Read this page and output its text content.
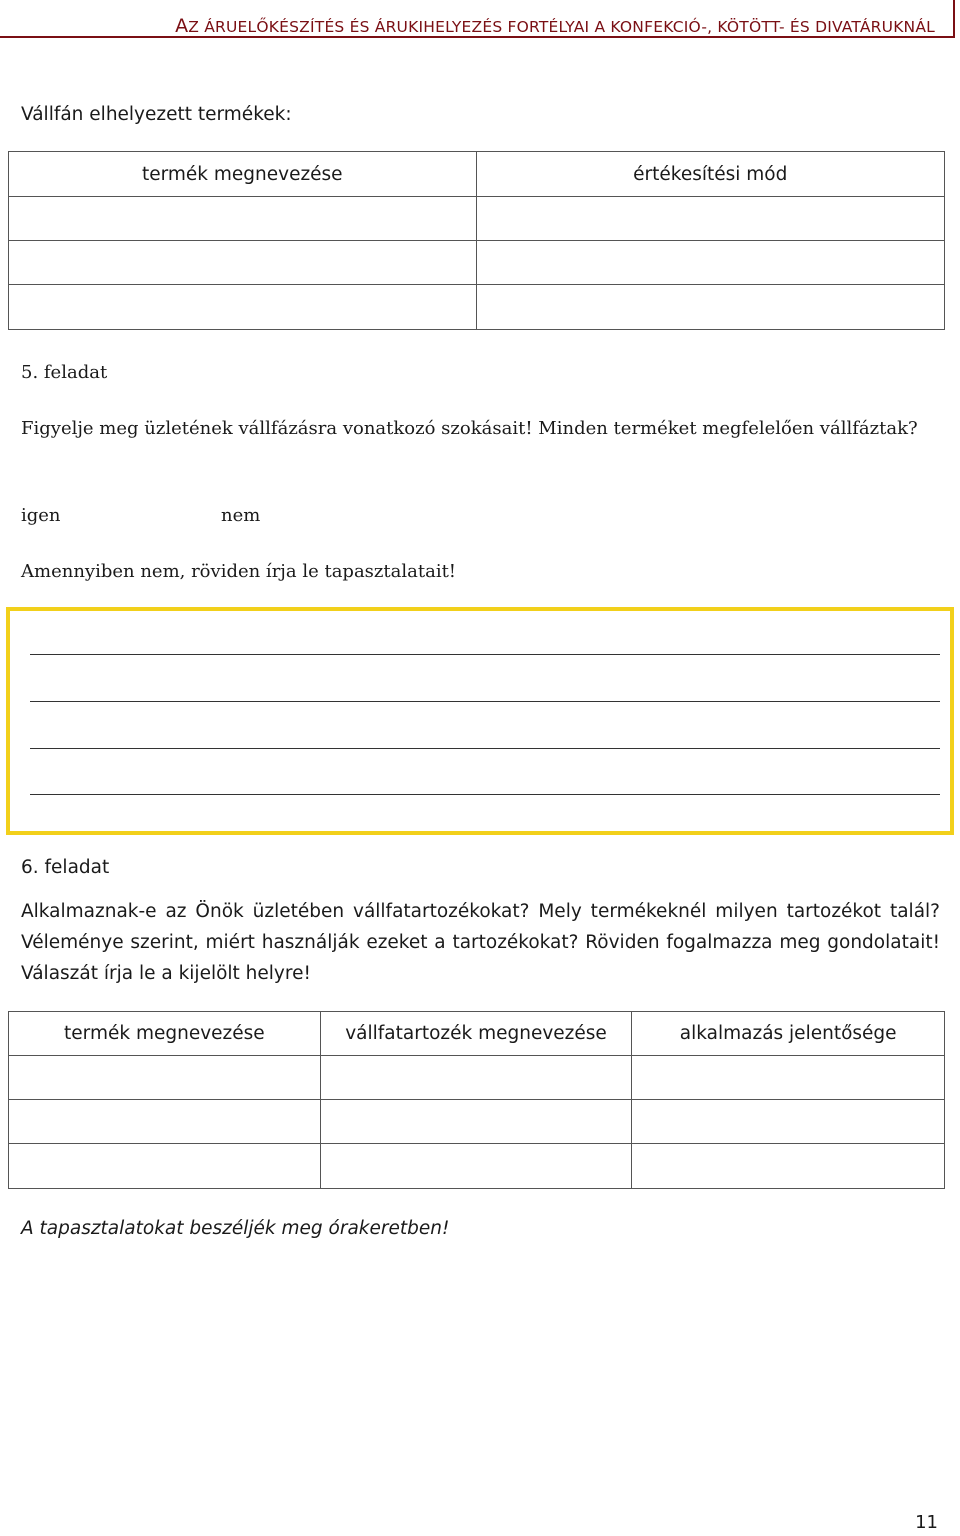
AZ ÁRUELŐKÉSZÍTÉS ÉS ÁRUKIHELYEZÉS FORTÉLYAI A KONFEKCIÓ-, KÖTÖTT- ÉS DIVATÁRUKNÁL
Vállfán elhelyezett termékek:
termék megnevezése	értékesítési mód

5. feladat
Figyelje meg üzletének vállfázásra vonatkozó szokásait! Minden terméket megfelelően vállfáztak?
igen	nem
Amennyiben nem, röviden írja le tapasztalatait!
6. feladat
Alkalmaznak-e az Önök üzletében vállfatartozékokat? Mely termékeknél milyen tartozékot talál? Véleménye szerint, miért használják ezeket a tartozékokat? Röviden fogalmazza meg gondolatait! Válaszát írja le a kijelölt helyre!
termék megnevezése	vállfatartozék megnevezése	alkalmazás jelentősége

A tapasztalatokat beszéljék meg órakeretben!
11
